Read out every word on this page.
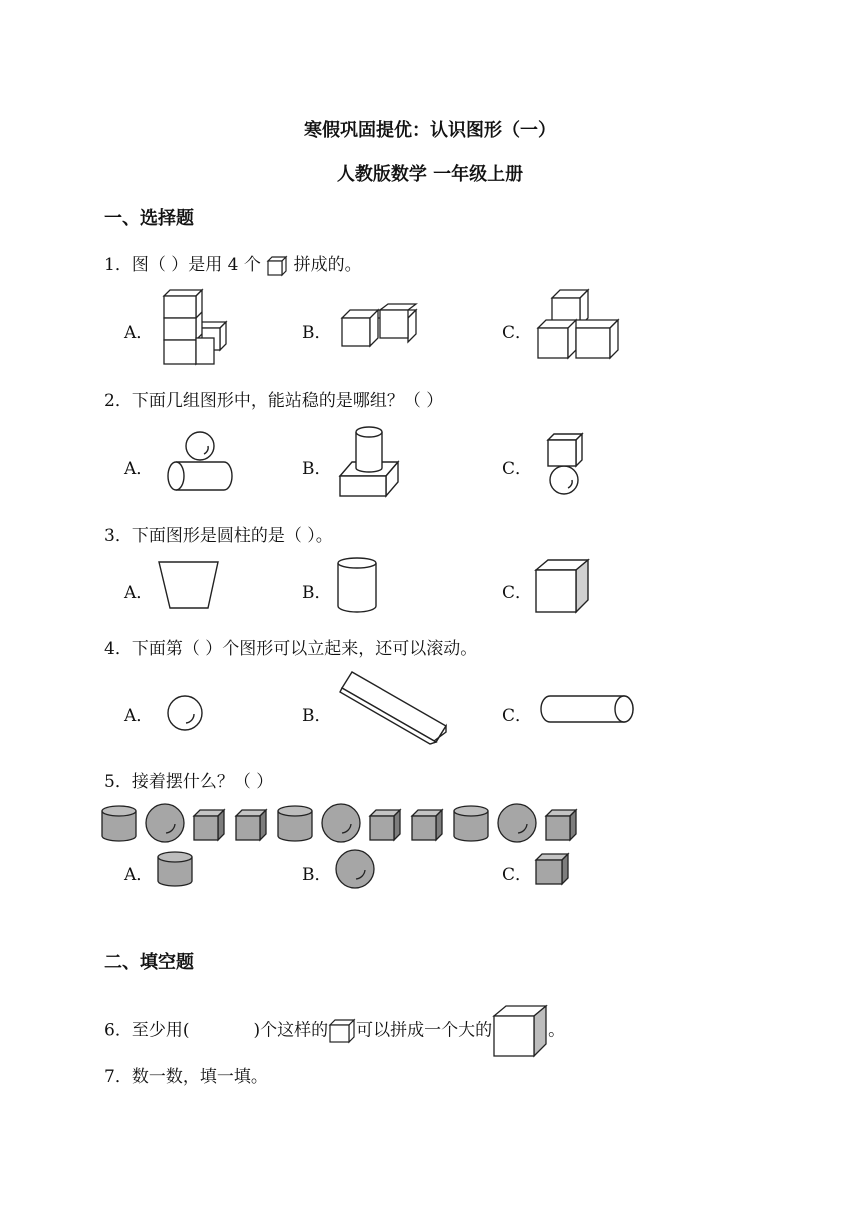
寒假巩固提优：认识图形（一）
人教版数学 一年级上册
一、选择题
1．图（ ）是用 4 个 拼成的。
A．	B．	C．
2．下面几组图形中，能站稳的是哪组？（ ）
A．	B．	C．
3．下面图形是圆柱的是（ ）。
A．	B．	C．
4．下面第（ ）个图形可以立起来，还可以滚动。
A．	B．	C．
5．接着摆什么？（ ）
A．	B．	C．
二、填空题
6．至少用(	)个这样的 可以拼成一个大的	。
7．数一数，填一填。
